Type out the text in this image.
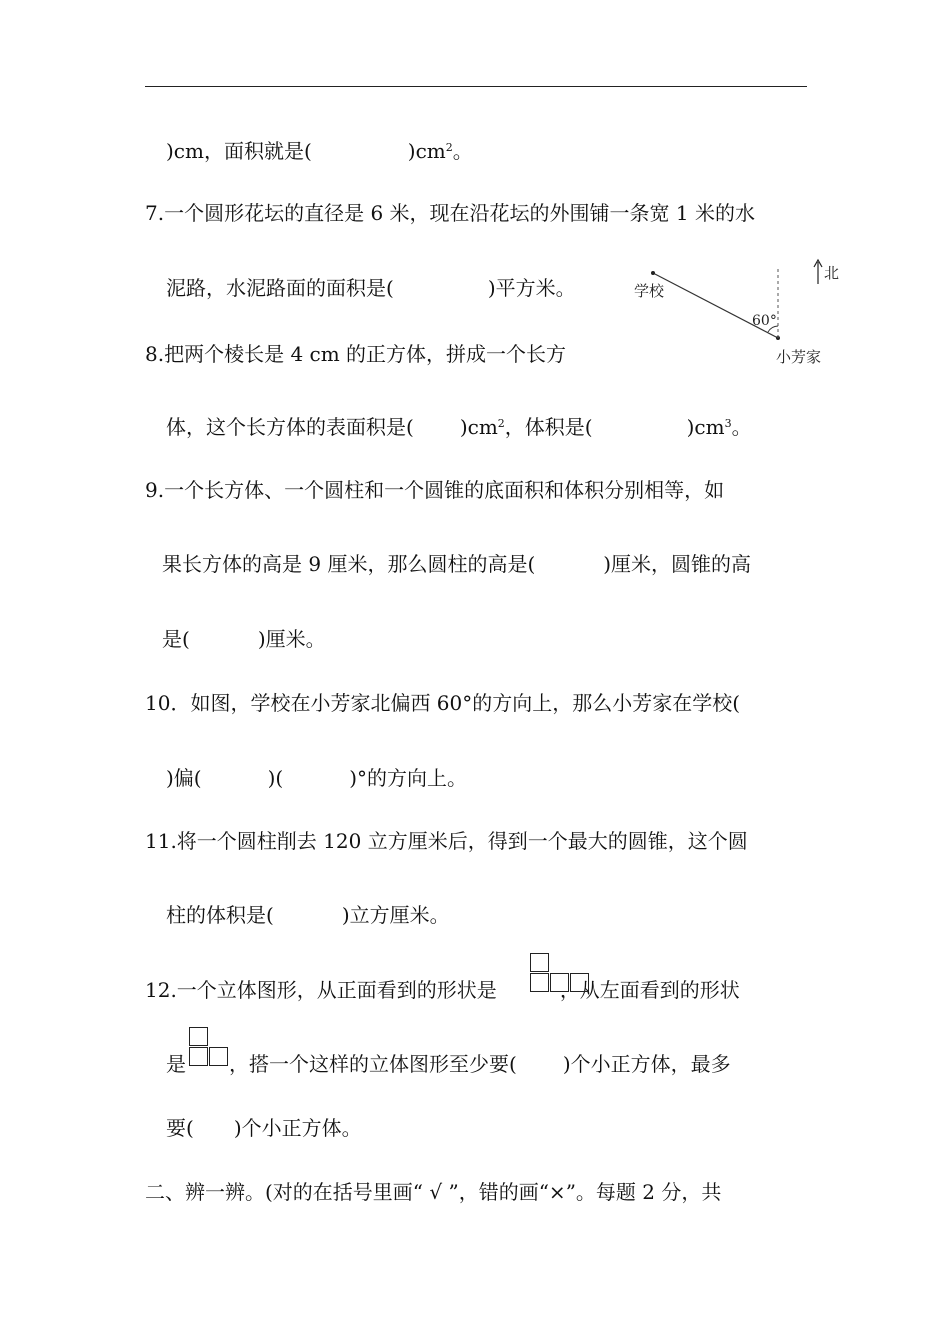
)cm，面积就是(	)$cm^2$。
7.一个圆形花坛的直径是 6 米，现在沿花坛的外围铺一条宽 1 米的水
泥路，水泥路面的面积是(	)平方米。
北
学校
60°
小芳家
8.把两个棱长是 4 cm 的正方体，拼成一个长方
体，这个长方体的表面积是( )$cm^2$，体积是(	)$cm^3$。
9.一个长方体、一个圆柱和一个圆锥的底面积和体积分别相等，如
果长方体的高是 9 厘米，那么圆柱的高是(	)厘米，圆锥的高
是(	)厘米。
10．如图，学校在小芳家北偏西 60°的方向上，那么小芳家在学校(
)偏(	)(	)°的方向上。
11.将一个圆柱削去 120 立方厘米后，得到一个最大的圆锥，这个圆
柱的体积是(	)立方厘米。
12.一个立体图形，从正面看到的形状是	，从左面看到的形状
是 ，搭一个这样的立体图形至少要( )个小正方体，最多
要( )个小正方体。
二、辨一辨。(对的在括号里画“ √ ”，错的画“×”。每题 2 分，共
